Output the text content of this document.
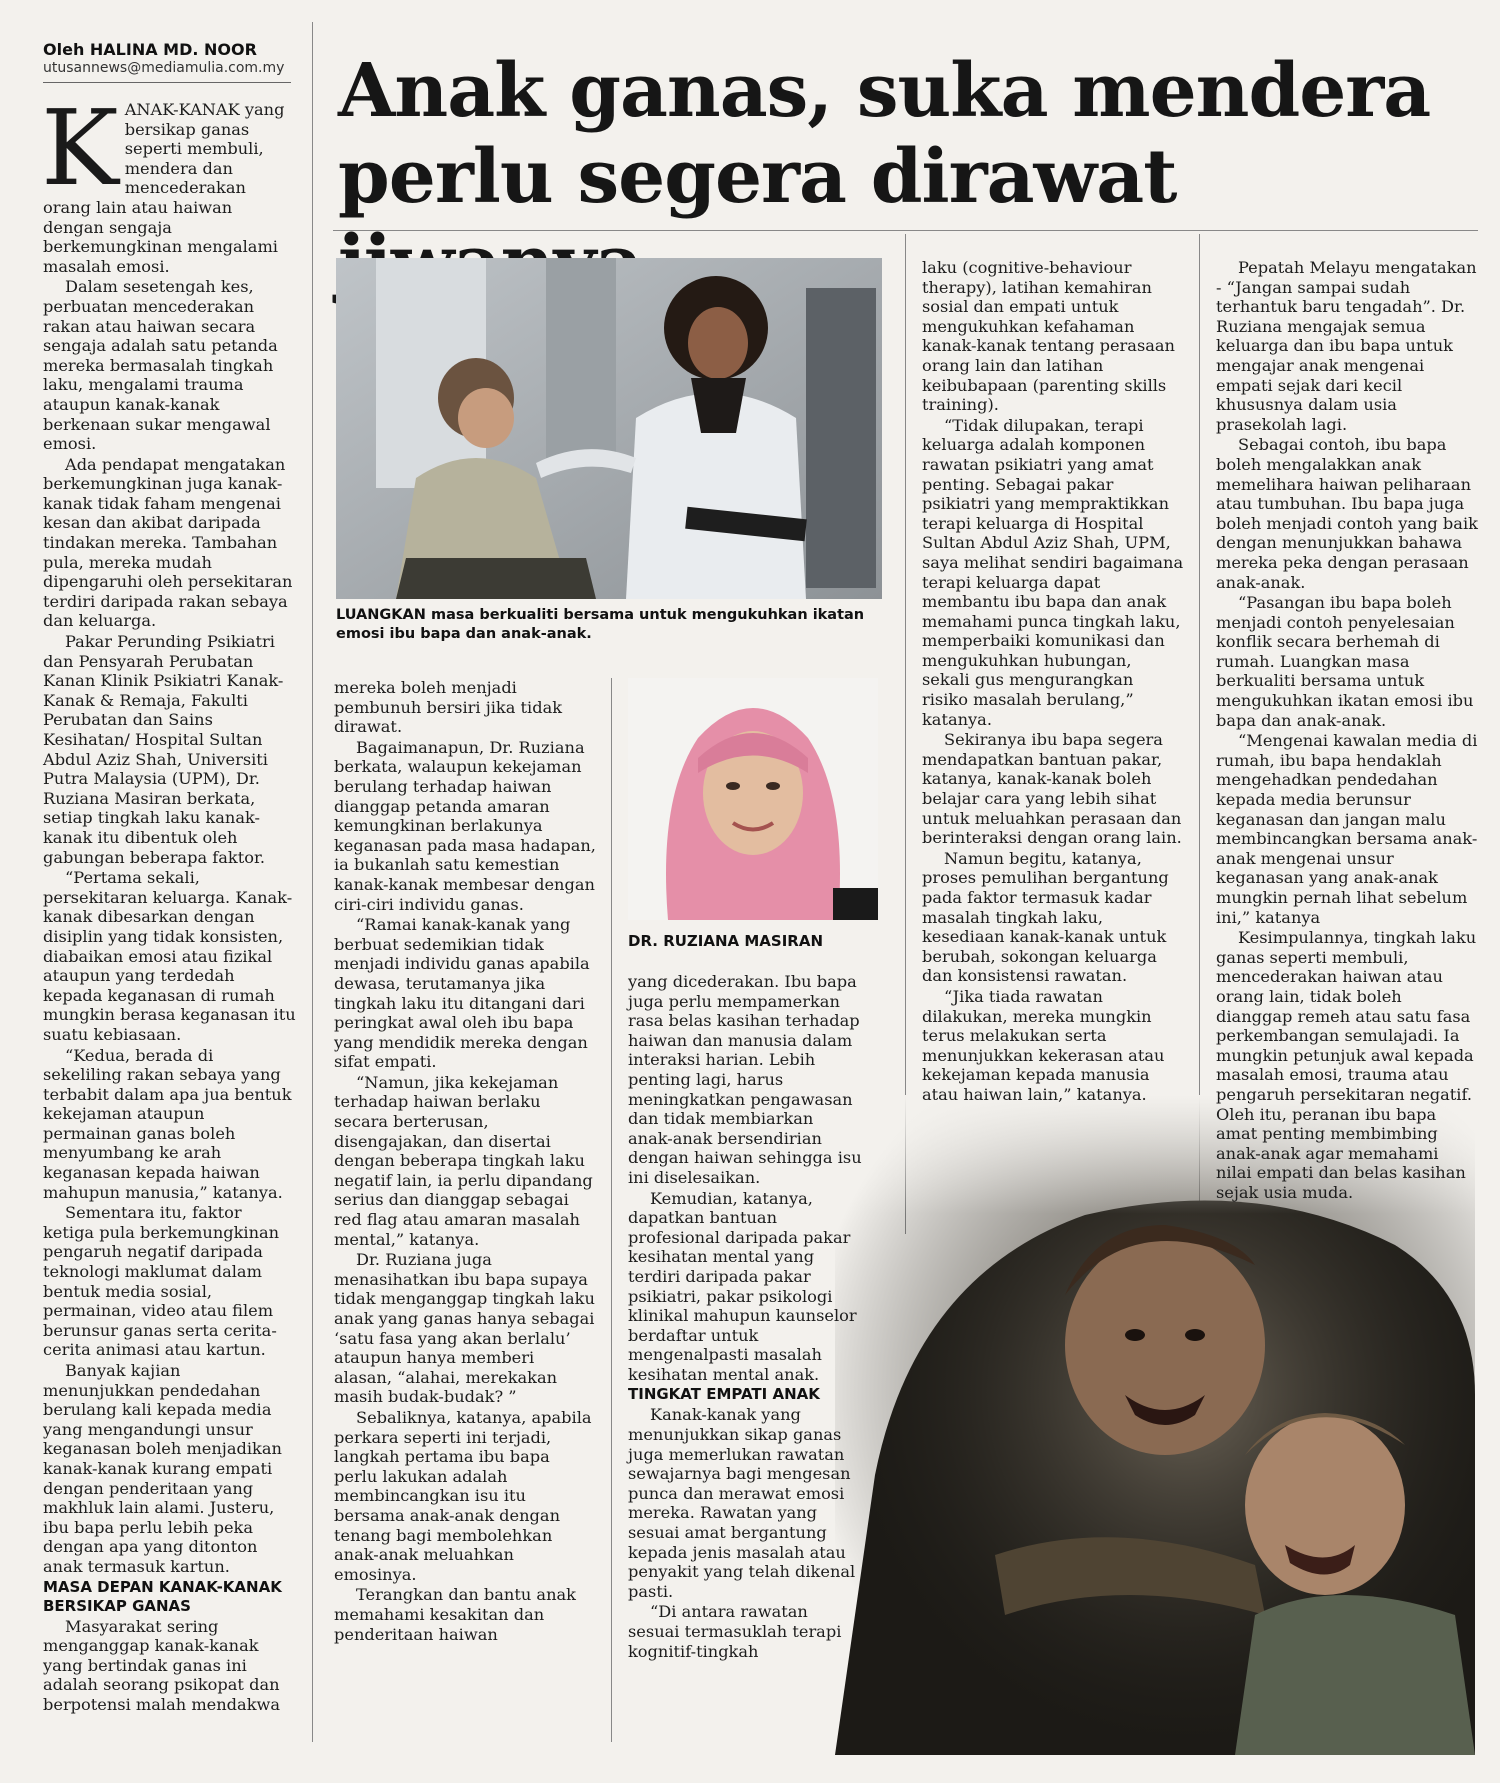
Oleh HALINA MD. NOOR
utusannews@mediamulia.com.my Anak ganas, suka mendera
perlu segera dirawat
LUANGKAN masa berkualiti bersama untuk mengukuhkan ikatan emosi ibu bapa dan anak-anak.
DR. RUZIANA MASIRAN

KANAK-KANAK yang bersikap ganas seperti membuli, mendera dan mencederakan orang lain atau haiwan dengan sengaja berkemungkinan mengalami masalah emosi.

Dalam sesetengah kes, perbuatan mencederakan rakan atau haiwan secara sengaja adalah satu petanda mereka bermasalah tingkah laku, mengalami trauma ataupun kanak-kanak berkenaan sukar mengawal emosi.

Ada pendapat mengatakan berkemungkinan juga kanak-kanak tidak faham mengenai kesan dan akibat daripada tindakan mereka. Tambahan pula, mereka mudah dipengaruhi oleh persekitaran terdiri daripada rakan sebaya dan keluarga.

Pakar Perunding Psikiatri dan Pensyarah Perubatan Kanan Klinik Psikiatri Kanak-Kanak & Remaja, Fakulti Perubatan dan Sains Kesihatan/ Hospital Sultan Abdul Aziz Shah, Universiti Putra Malaysia (UPM), Dr. Ruziana Masiran berkata, setiap tingkah laku kanak-kanak itu dibentuk oleh gabungan beberapa faktor.

“Pertama sekali, persekitaran keluarga. Kanak-kanak dibesarkan dengan disiplin yang tidak konsisten, diabaikan emosi atau fizikal ataupun yang terdedah kepada keganasan di rumah mungkin berasa keganasan itu suatu kebiasaan.

“Kedua, berada di sekeliling rakan sebaya yang terbabit dalam apa jua bentuk kekejaman ataupun permainan ganas boleh menyumbang ke arah keganasan kepada haiwan mahupun manusia,” katanya.

Sementara itu, faktor ketiga pula berkemungkinan pengaruh negatif daripada teknologi maklumat dalam bentuk media sosial, permainan, video atau filem berunsur ganas serta cerita-cerita animasi atau kartun.

Banyak kajian menunjukkan pendedahan berulang kali kepada media yang mengandungi unsur keganasan boleh menjadikan kanak-kanak kurang empati dengan penderitaan yang makhluk lain alami. Justeru, ibu bapa perlu lebih peka dengan apa yang ditonton anak termasuk kartun.

MASA DEPAN KANAK-KANAK BERSIKAP GANAS

Masyarakat sering menganggap kanak-kanak yang bertindak ganas ini adalah seorang psikopat dan berpotensi malah mendakwa

mereka boleh menjadi pembunuh bersiri jika tidak dirawat.

Bagaimanapun, Dr. Ruziana berkata, walaupun kekejaman berulang terhadap haiwan dianggap petanda amaran kemungkinan berlakunya keganasan pada masa hadapan, ia bukanlah satu kemestian kanak-kanak membesar dengan ciri-ciri individu ganas.

“Ramai kanak-kanak yang berbuat sedemikian tidak menjadi individu ganas apabila dewasa, terutamanya jika tingkah laku itu ditangani dari peringkat awal oleh ibu bapa yang mendidik mereka dengan sifat empati.

“Namun, jika kekejaman terhadap haiwan berlaku secara berterusan, disengajakan, dan disertai dengan beberapa tingkah laku negatif lain, ia perlu dipandang serius dan dianggap sebagai red flag atau amaran masalah mental,” katanya.

Dr. Ruziana juga menasihatkan ibu bapa supaya tidak menganggap tingkah laku anak yang ganas hanya sebagai ‘satu fasa yang akan berlalu’ ataupun hanya memberi alasan, “alahai, merekakan masih budak-budak? ”

Sebaliknya, katanya, apabila perkara seperti ini terjadi, langkah pertama ibu bapa perlu lakukan adalah membincangkan isu itu bersama anak-anak dengan tenang bagi membolehkan anak-anak meluahkan emosinya.

Terangkan dan bantu anak memahami kesakitan dan penderitaan haiwan

yang dicederakan. Ibu bapa juga perlu mempamerkan rasa belas kasihan terhadap haiwan dan manusia dalam interaksi harian. Lebih penting lagi, harus meningkatkan pengawasan dan tidak membiarkan anak-anak bersendirian dengan haiwan sehingga isu ini diselesaikan.

Kemudian, katanya, dapatkan bantuan profesional daripada pakar kesihatan mental yang terdiri daripada pakar psikiatri, pakar psikologi klinikal mahupun kaunselor berdaftar untuk mengenalpasti masalah kesihatan mental anak.

TINGKAT EMPATI ANAK

Kanak-kanak yang menunjukkan sikap ganas juga memerlukan rawatan sewajarnya bagi mengesan punca dan merawat emosi mereka. Rawatan yang sesuai amat bergantung kepada jenis masalah atau penyakit yang telah dikenal pasti.

“Di antara rawatan sesuai termasuklah terapi kognitif-tingkah

laku (cognitive-behaviour therapy), latihan kemahiran sosial dan empati untuk mengukuhkan kefahaman kanak-kanak tentang perasaan orang lain dan latihan keibubapaan (parenting skills training).

“Tidak dilupakan, terapi keluarga adalah komponen rawatan psikiatri yang amat penting. Sebagai pakar psikiatri yang mempraktikkan terapi keluarga di Hospital Sultan Abdul Aziz Shah, UPM, saya melihat sendiri bagaimana terapi keluarga dapat membantu ibu bapa dan anak memahami punca tingkah laku, memperbaiki komunikasi dan mengukuhkan hubungan, sekali gus mengurangkan risiko masalah berulang,” katanya.

Sekiranya ibu bapa segera mendapatkan bantuan pakar, katanya, kanak-kanak boleh belajar cara yang lebih sihat untuk meluahkan perasaan dan berinteraksi dengan orang lain.

Namun begitu, katanya, proses pemulihan bergantung pada faktor termasuk kadar masalah tingkah laku, kesediaan kanak-kanak untuk berubah, sokongan keluarga dan konsistensi rawatan.

“Jika tiada rawatan dilakukan, mereka mungkin terus melakukan serta menunjukkan kekerasan atau kekejaman kepada manusia atau haiwan lain,” katanya.

Pepatah Melayu mengatakan - “Jangan sampai sudah terhantuk baru tengadah”. Dr. Ruziana mengajak semua keluarga dan ibu bapa untuk mengajar anak mengenai empati sejak dari kecil khususnya dalam usia prasekolah lagi.

Sebagai contoh, ibu bapa boleh mengalakkan anak memelihara haiwan peliharaan atau tumbuhan. Ibu bapa juga boleh menjadi contoh yang baik dengan menunjukkan bahawa mereka peka dengan perasaan anak-anak.

“Pasangan ibu bapa boleh menjadi contoh penyelesaian konflik secara berhemah di rumah. Luangkan masa berkualiti bersama untuk mengukuhkan ikatan emosi ibu bapa dan anak-anak.

“Mengenai kawalan media di rumah, ibu bapa hendaklah mengehadkan pendedahan kepada media berunsur keganasan dan jangan malu membincangkan bersama anak-anak mengenai unsur keganasan yang anak-anak mungkin pernah lihat sebelum ini,” katanya

Kesimpulannya, tingkah laku ganas seperti membuli, mencederakan haiwan atau orang lain, tidak boleh dianggap remeh atau satu fasa perkembangan semulajadi. Ia mungkin petunjuk awal kepada masalah emosi, trauma atau pengaruh persekitaran negatif. Oleh itu, peranan ibu bapa amat penting membimbing anak-anak agar memahami nilai empati dan belas kasihan sejak usia muda.
